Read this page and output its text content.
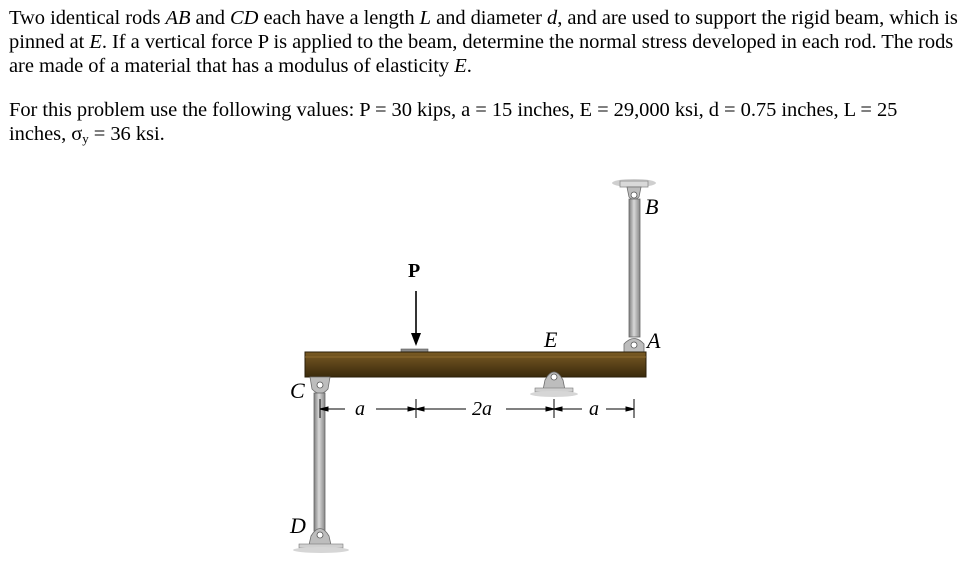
Two identical rods AB and CD each have a length L and diameter d, and are used to support the rigid beam, which is pinned at E. If a vertical force P is applied to the beam, determine the normal stress developed in each rod. The rods are made of a material that has a modulus of elasticity E.
For this problem use the following values: P = 30 kips, a = 15 inches, E = 29,000 ksi, d = 0.75 inches, L = 25 inches, $\sigma_y = 36$ ksi.
B
P
E	A
C
D
a	2a	a
